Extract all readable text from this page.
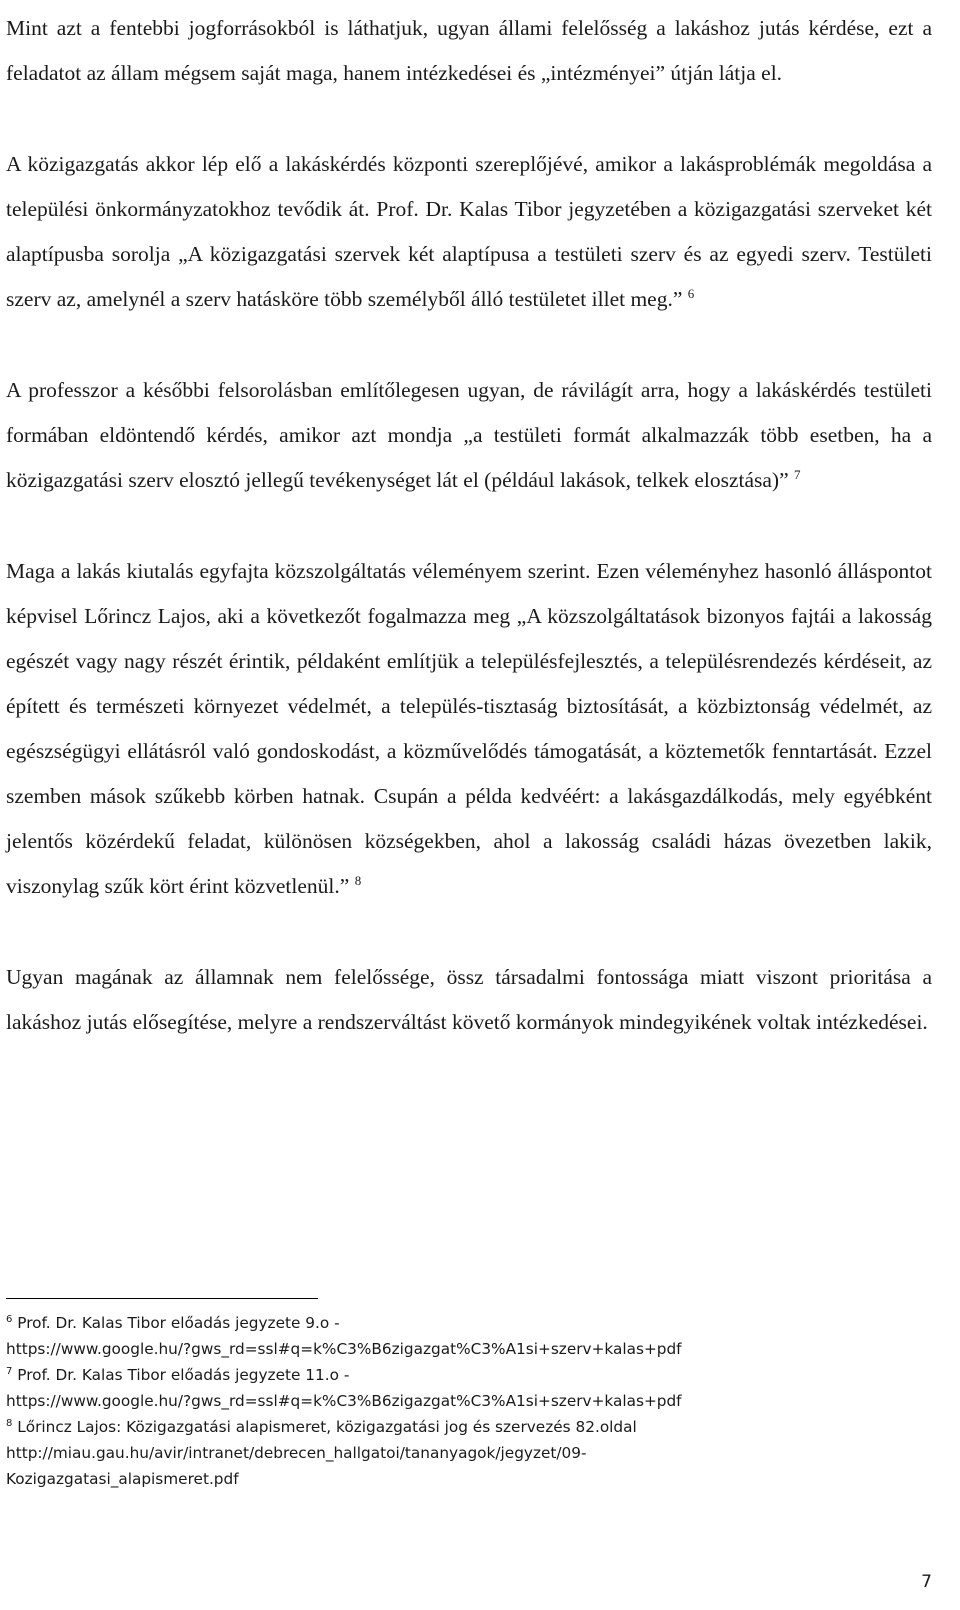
Mint azt a fentebbi jogforrásokból is láthatjuk, ugyan állami felelősség a lakáshoz jutás kérdése, ezt a feladatot az állam mégsem saját maga, hanem intézkedései és „intézményei” útján látja el.

A közigazgatás akkor lép elő a lakáskérdés központi szereplőjévé, amikor a lakásproblémák megoldása a települési önkormányzatokhoz tevődik át. Prof. Dr. Kalas Tibor jegyzetében a közigazgatási szerveket két alaptípusba sorolja „A közigazgatási szervek két alaptípusa a testületi szerv és az egyedi szerv. Testületi szerv az, amelynél a szerv hatásköre több személyből álló testületet illet meg.” $^6$

A professzor a későbbi felsorolásban említőlegesen ugyan, de rávilágít arra, hogy a lakáskérdés testületi formában eldöntendő kérdés, amikor azt mondja „a testületi formát alkalmazzák több esetben, ha a közigazgatási szerv elosztó jellegű tevékenységet lát el (például lakások, telkek elosztása)” $^7$

Maga a lakás kiutalás egyfajta közszolgáltatás véleményem szerint. Ezen véleményhez hasonló álláspontot képvisel Lőrincz Lajos, aki a következőt fogalmazza meg „A közszolgáltatások bizonyos fajtái a lakosság egészét vagy nagy részét érintik, példaként említjük a településfejlesztés, a településrendezés kérdéseit, az épített és természeti környezet védelmét, a település-tisztaság biztosítását, a közbiztonság védelmét, az egészségügyi ellátásról való gondoskodást, a közművelődés támogatását, a köztemetők fenntartását. Ezzel szemben mások szűkebb körben hatnak. Csupán a példa kedvéért: a lakásgazdálkodás, mely egyébként jelentős közérdekű feladat, különösen községekben, ahol a lakosság családi házas övezetben lakik, viszonylag szűk kört érint közvetlenül.” $^8$

Ugyan magának az államnak nem felelőssége, össz társadalmi fontossága miatt viszont prioritása a lakáshoz jutás elősegítése, melyre a rendszerváltást követő kormányok mindegyikének voltak intézkedései.

$^6$ Prof. Dr. Kalas Tibor előadás jegyzete 9.o -
https://www.google.hu/?gws_rd=ssl#q=k%C3%B6zigazgat%C3%A1si+szerv+kalas+pdf
$^7$ Prof. Dr. Kalas Tibor előadás jegyzete 11.o -
https://www.google.hu/?gws_rd=ssl#q=k%C3%B6zigazgat%C3%A1si+szerv+kalas+pdf
$^8$ Lőrincz Lajos: Közigazgatási alapismeret, közigazgatási jog és szervezés 82.oldal
http://miau.gau.hu/avir/intranet/debrecen_hallgatoi/tananyagok/jegyzet/09-
Kozigazgatasi_alapismeret.pdf
7
